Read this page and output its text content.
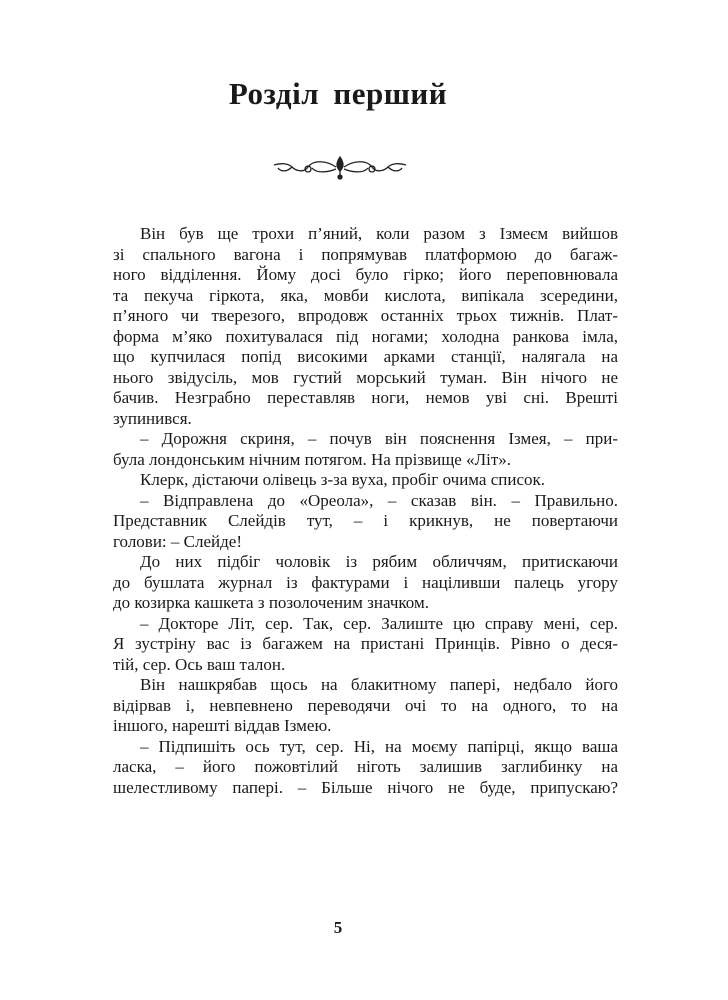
Розділ перший
Він був ще трохи п’яний, коли разом з Ізмеєм вийшов
зі спального вагона і попрямував платформою до багаж-
ного відділення. Йому досі було гірко; його переповнювала
та пекуча гіркота, яка, мовби кислота, випікала зсередини,
п’яного чи тверезого, впродовж останніх трьох тижнів. Плат-
форма м’яко похитувалася під ногами; холодна ранкова імла,
що купчилася попід високими арками станції, налягала на
нього звідусіль, мов густий морський туман. Він нічого не
бачив. Незграбно переставляв ноги, немов уві сні. Врешті
зупинився.
– Дорожня скриня, – почув він пояснення Ізмея, – при-
була лондонським нічним потягом. На прізвище «Літ».
Клерк, дістаючи олівець з-за вуха, пробіг очима список.
– Відправлена до «Ореола», – сказав він. – Правильно.
Представник Слейдів тут, – і крикнув, не повертаючи
голови: – Слейде!
До них підбіг чоловік із рябим обличчям, притискаючи
до бушлата журнал із фактурами і націливши палець угору
до козирка кашкета з позолоченим значком.
– Докторе Літ, сер. Так, сер. Залиште цю справу мені, сер.
Я зустріну вас із багажем на пристані Принців. Рівно о деся-
тій, сер. Ось ваш талон.
Він нашкрябав щось на блакитному папері, недбало його
відірвав і, невпевнено переводячи очі то на одного, то на
іншого, нарешті віддав Ізмею.
– Підпишіть ось тут, сер. Ні, на моєму папірці, якщо ваша
ласка, – його пожовтілий ніготь залишив заглибинку на
шелестливому папері. – Більше нічого не буде, припускаю?
5
